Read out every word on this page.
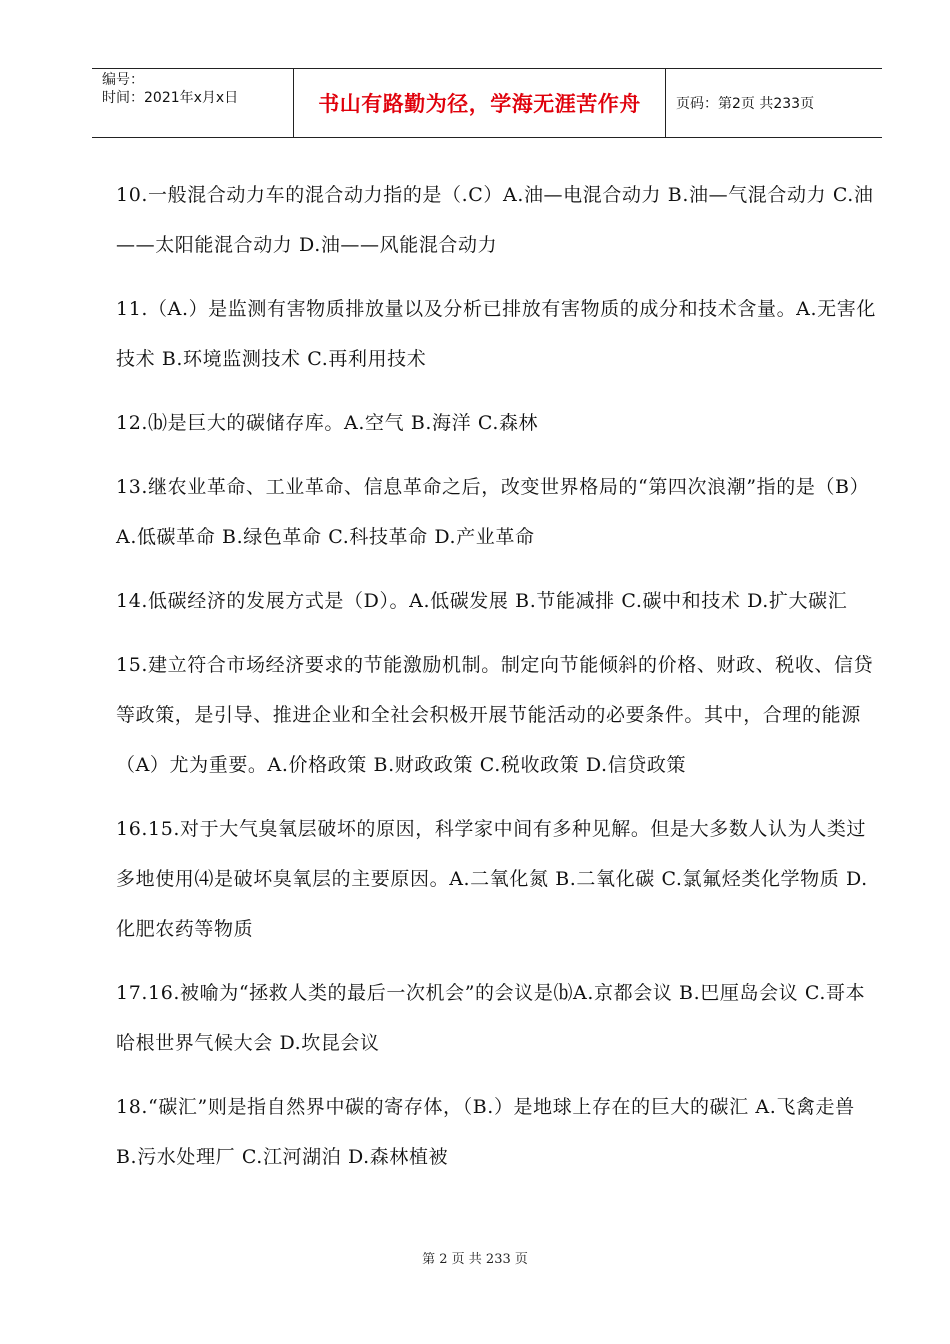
编号：
时间：2021年x月x日	书山有路勤为径，学海无涯苦作舟	页码：第2页 共233页

10.一般混合动力车的混合动力指的是（.C）A.油—电混合动力 B.油—气混合动力 C.油——太阳能混合动力 D.油——风能混合动力

11.（A.）是监测有害物质排放量以及分析已排放有害物质的成分和技术含量。A.无害化技术 B.环境监测技术 C.再利用技术

12.⒝是巨大的碳储存库。A.空气 B.海洋 C.森林

13.继农业革命、工业革命、信息革命之后，改变世界格局的“第四次浪潮”指的是（B）A.低碳革命 B.绿色革命 C.科技革命 D.产业革命

14.低碳经济的发展方式是（D）。A.低碳发展 B.节能减排 C.碳中和技术 D.扩大碳汇

15.建立符合市场经济要求的节能激励机制。制定向节能倾斜的价格、财政、税收、信贷等政策，是引导、推进企业和全社会积极开展节能活动的必要条件。其中，合理的能源（A）尤为重要。A.价格政策 B.财政政策 C.税收政策 D.信贷政策

16.15.对于大气臭氧层破坏的原因，科学家中间有多种见解。但是大多数人认为人类过多地使用⑷是破坏臭氧层的主要原因。A.二氧化氮 B.二氧化碳 C.氯氟烃类化学物质 D.化肥农药等物质

17.16.被喻为“拯救人类的最后一次机会”的会议是⒝A.京都会议 B.巴厘岛会议 C.哥本哈根世界气候大会 D.坎昆会议

18.“碳汇”则是指自然界中碳的寄存体，（B.）是地球上存在的巨大的碳汇 A.飞禽走兽 B.污水处理厂 C.江河湖泊 D.森林植被

第 2 页 共 233 页
